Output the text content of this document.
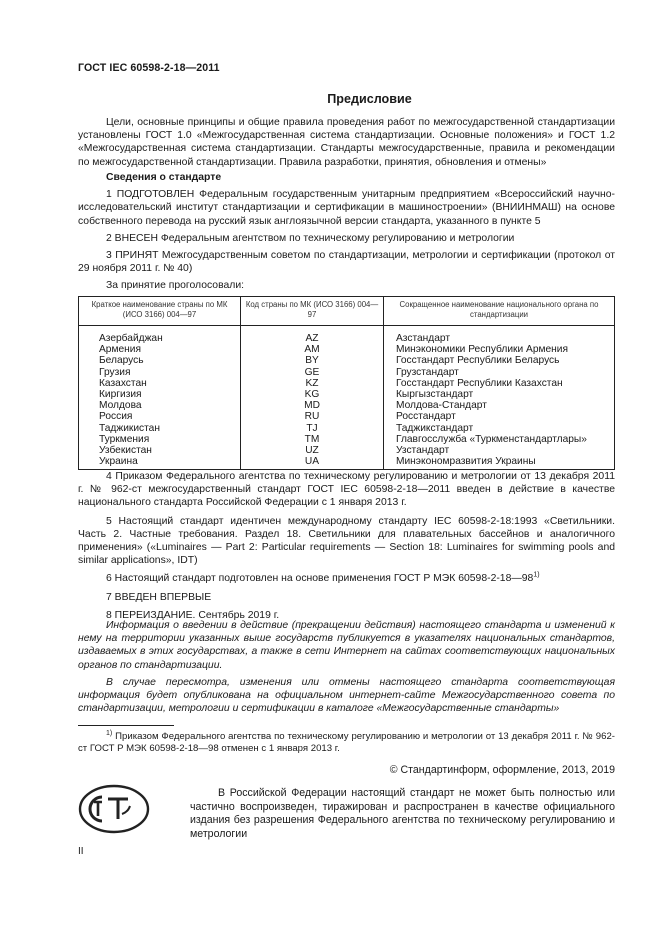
ГОСТ IEC 60598-2-18—2011
Предисловие

Цели, основные принципы и общие правила проведения работ по межгосударственной стандартизации установлены ГОСТ 1.0 «Межгосударственная система стандартизации. Основные положения» и ГОСТ 1.2 «Межгосударственная система стандартизации. Стандарты межгосударственные, правила и рекомендации по межгосударственной стандартизации. Правила разработки, принятия, обновления и отмены»

Сведения о стандарте

1 ПОДГОТОВЛЕН Федеральным государственным унитарным предприятием «Всероссийский научно-исследовательский институт стандартизации и сертификации в машиностроении» (ВНИИНМАШ) на основе собственного перевода на русский язык англоязычной версии стандарта, указанного в пункте 5

2 ВНЕСЕН Федеральным агентством по техническому регулированию и метрологии

3 ПРИНЯТ Межгосударственным советом по стандартизации, метрологии и сертификации (протокол от 29 ноября 2011 г. № 40)

За принятие проголосовали:

Краткое наименование страны по МК (ИСО 3166) 004—97	Код страны по МК (ИСО 3166) 004—97	Сокращенное наименование национального органа по стандартизации
Азербайджан	AZ	Азстандарт
Армения	AM	Минэкономики Республики Армения
Беларусь	BY	Госстандарт Республики Беларусь
Грузия	GE	Грузстандарт
Казахстан	KZ	Госстандарт Республики Казахстан
Киргизия	KG	Кыргызстандарт
Молдова	MD	Молдова-Стандарт
Россия	RU	Росстандарт
Таджикистан	TJ	Таджикстандарт
Туркмения	TM	Главгосслужба «Туркменстандартлары»
Узбекистан	UZ	Узстандарт
Украина	UA	Минэкономразвития Украины

4 Приказом Федерального агентства по техническому регулированию и метрологии от 13 декабря 2011 г. № 962-ст межгосударственный стандарт ГОСТ IEC 60598-2-18—2011 введен в действие в качестве национального стандарта Российской Федерации с 1 января 2013 г.

5 Настоящий стандарт идентичен международному стандарту IEC 60598-2-18:1993 «Светильники. Часть 2. Частные требования. Раздел 18. Светильники для плавательных бассейнов и аналогичного применения» («Luminaires — Part 2: Particular requirements — Section 18: Luminaires for swimming pools and similar applications», IDT)

6 Настоящий стандарт подготовлен на основе применения ГОСТ Р МЭК 60598-2-18—98$^{1)}$

7 ВВЕДЕН ВПЕРВЫЕ

8 ПЕРЕИЗДАНИЕ. Сентябрь 2019 г.

Информация о введении в действие (прекращении действия) настоящего стандарта и изменений к нему на территории указанных выше государств публикуется в указателях национальных стандартов, издаваемых в этих государствах, а также в сети Интернет на сайтах соответствующих национальных органов по стандартизации.

В случае пересмотра, изменения или отмены настоящего стандарта соответствующая информация будет опубликована на официальном интернет-сайте Межгосударственного совета по стандартизации, метрологии и сертификации в каталоге «Межгосударственные стандарты»

$^{1)}$ Приказом Федерального агентства по техническому регулированию и метрологии от 13 декабря 2011 г. № 962-ст ГОСТ Р МЭК 60598-2-18—98 отменен с 1 января 2013 г.
© Стандартинформ, оформление, 2013, 2019
В Российской Федерации настоящий стандарт не может быть полностью или частично воспроизведен, тиражирован и распространен в качестве официального издания без разрешения Федерального агентства по техническому регулированию и метрологии
II
